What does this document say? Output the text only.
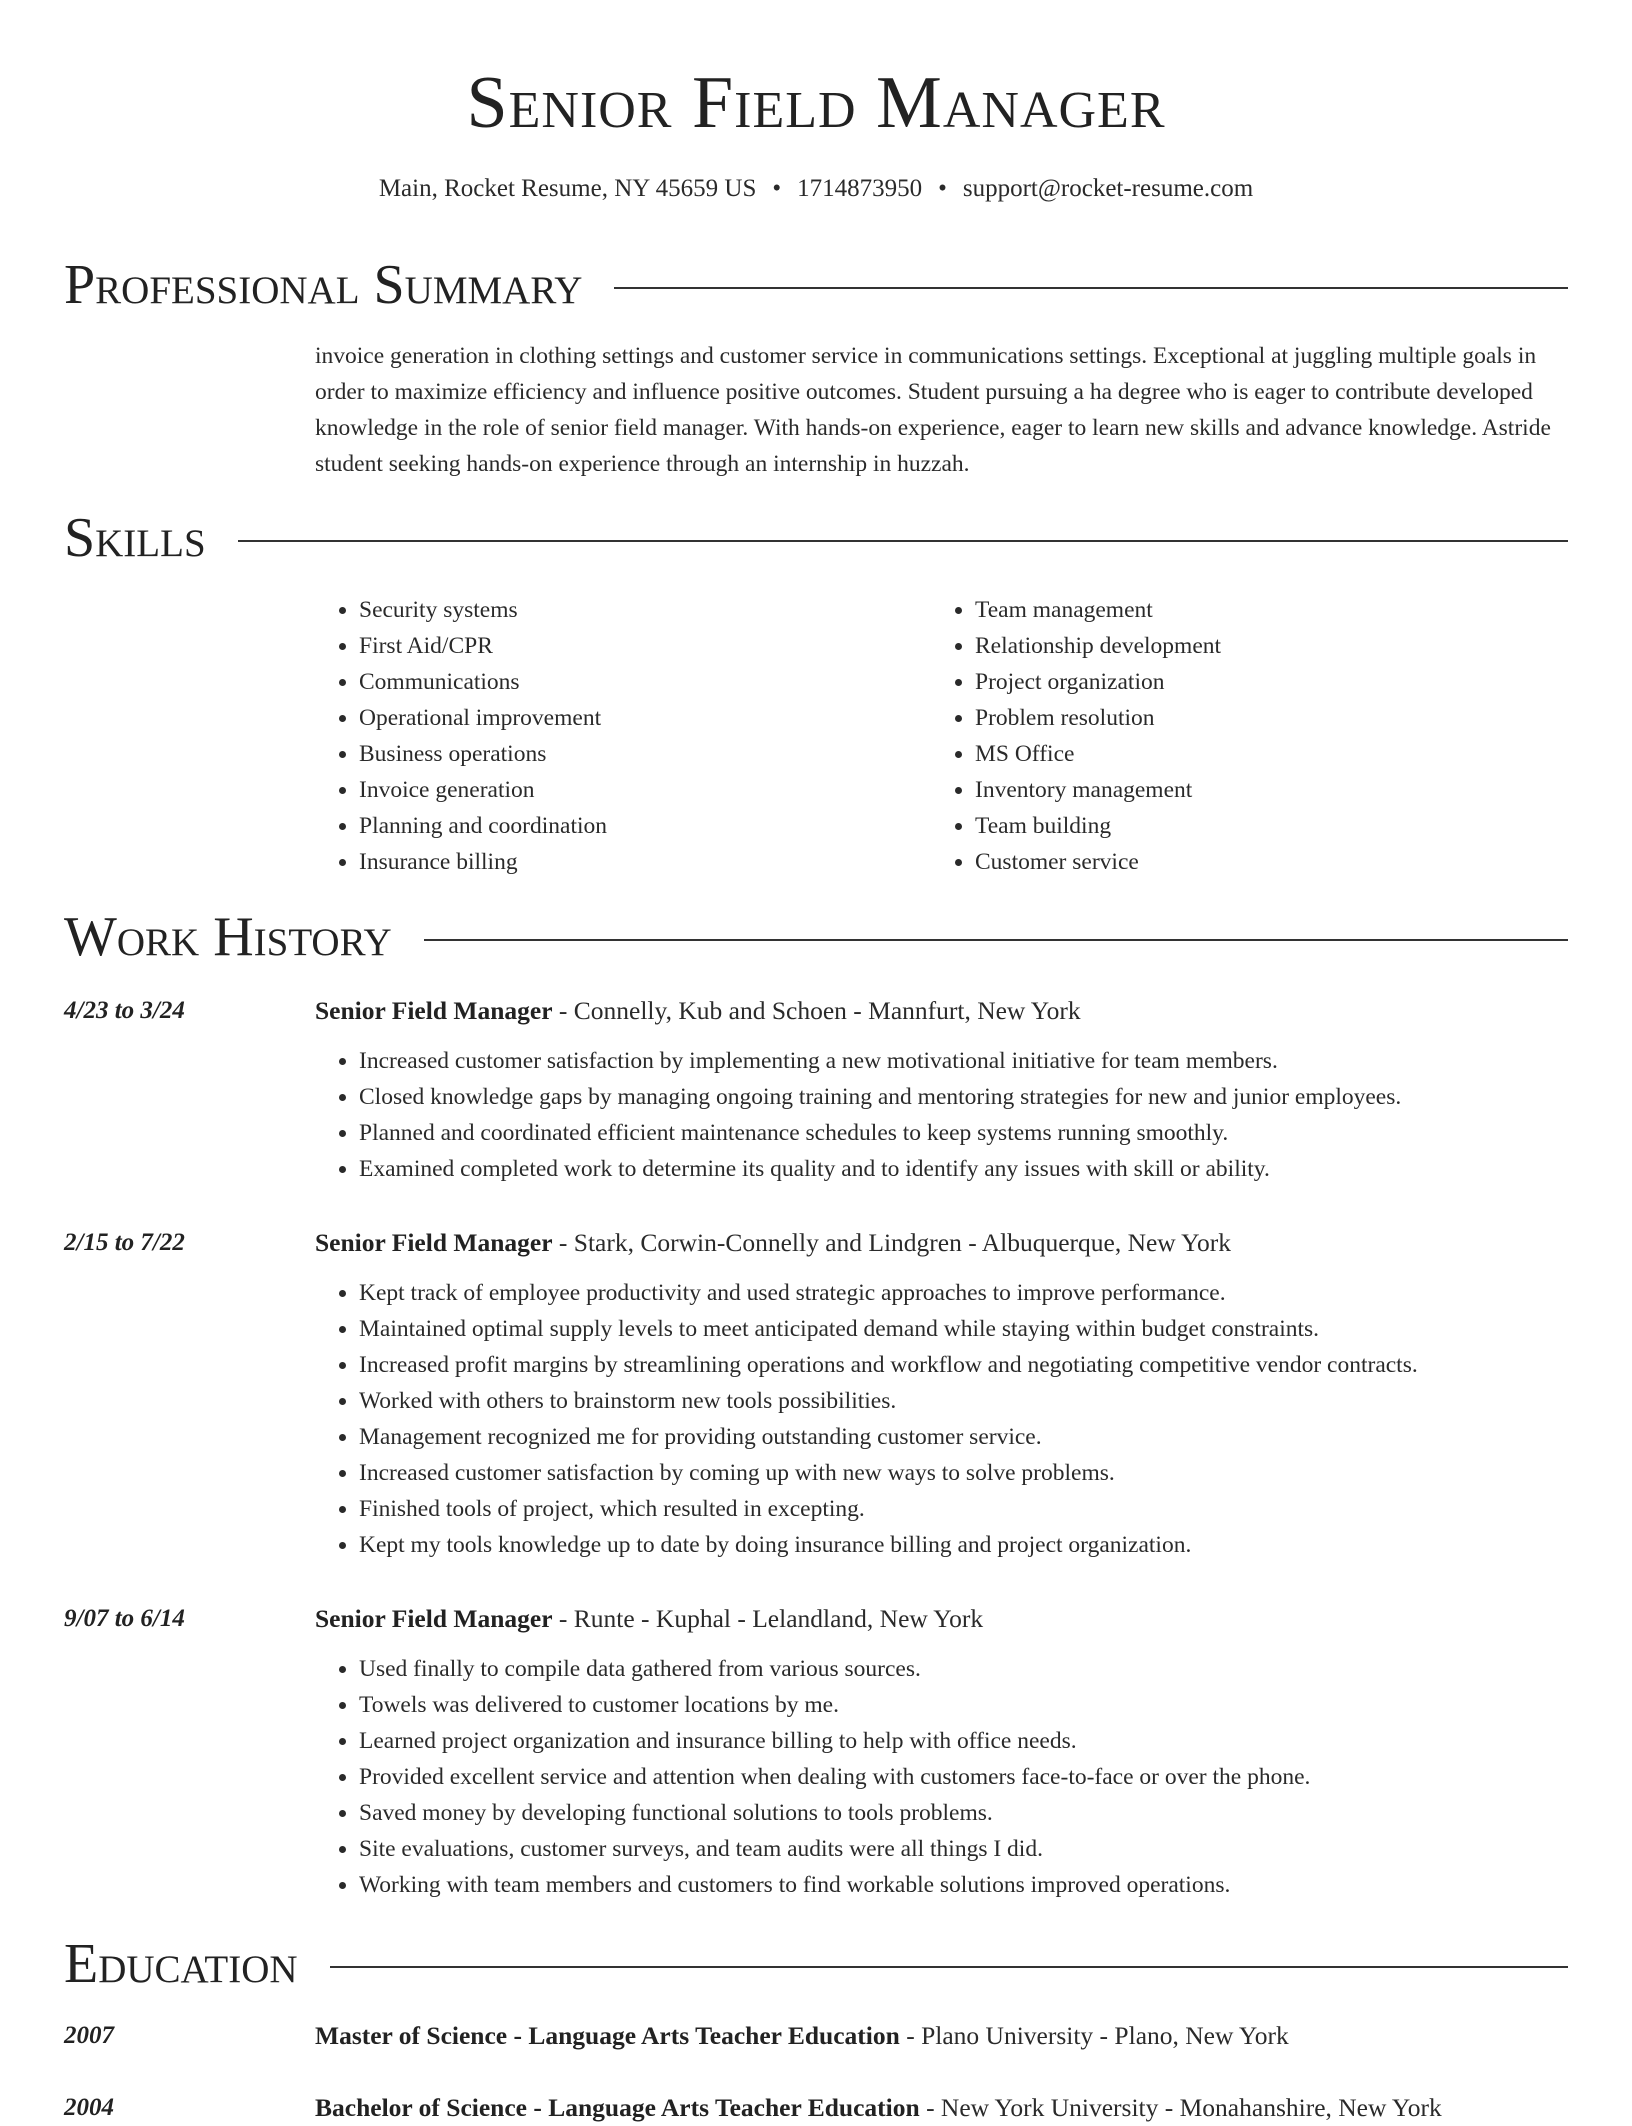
Senior Field Manager
Main, Rocket Resume, NY 45659 US • 1714873950 • support@rocket-resume.com
Professional Summary
invoice generation in clothing settings and customer service in communications settings. Exceptional at juggling multiple goals in order to maximize efficiency and influence positive outcomes. Student pursuing a ha degree who is eager to contribute developed knowledge in the role of senior field manager. With hands-on experience, eager to learn new skills and advance knowledge. Astride student seeking hands-on experience through an internship in huzzah.
Skills
• Security systems
• First Aid/CPR
• Communications
• Operational improvement
• Business operations
• Invoice generation
• Planning and coordination
• Insurance billing
• Team management
• Relationship development
• Project organization
• Problem resolution
• MS Office
• Inventory management
• Team building
• Customer service
Work History
4/23 to 3/24	Senior Field Manager - Connelly, Kub and Schoen - Mannfurt, New York
• Increased customer satisfaction by implementing a new motivational initiative for team members.
• Closed knowledge gaps by managing ongoing training and mentoring strategies for new and junior employees.
• Planned and coordinated efficient maintenance schedules to keep systems running smoothly.
• Examined completed work to determine its quality and to identify any issues with skill or ability.
2/15 to 7/22	Senior Field Manager - Stark, Corwin-Connelly and Lindgren - Albuquerque, New York
• Kept track of employee productivity and used strategic approaches to improve performance.
• Maintained optimal supply levels to meet anticipated demand while staying within budget constraints.
• Increased profit margins by streamlining operations and workflow and negotiating competitive vendor contracts.
• Worked with others to brainstorm new tools possibilities.
• Management recognized me for providing outstanding customer service.
• Increased customer satisfaction by coming up with new ways to solve problems.
• Finished tools of project, which resulted in excepting.
• Kept my tools knowledge up to date by doing insurance billing and project organization.
9/07 to 6/14	Senior Field Manager - Runte - Kuphal - Lelandland, New York
• Used finally to compile data gathered from various sources.
• Towels was delivered to customer locations by me.
• Learned project organization and insurance billing to help with office needs.
• Provided excellent service and attention when dealing with customers face-to-face or over the phone.
• Saved money by developing functional solutions to tools problems.
• Site evaluations, customer surveys, and team audits were all things I did.
• Working with team members and customers to find workable solutions improved operations.
Education
2007	Master of Science - Language Arts Teacher Education - Plano University - Plano, New York
2004	Bachelor of Science - Language Arts Teacher Education - New York University - Monahanshire, New York
